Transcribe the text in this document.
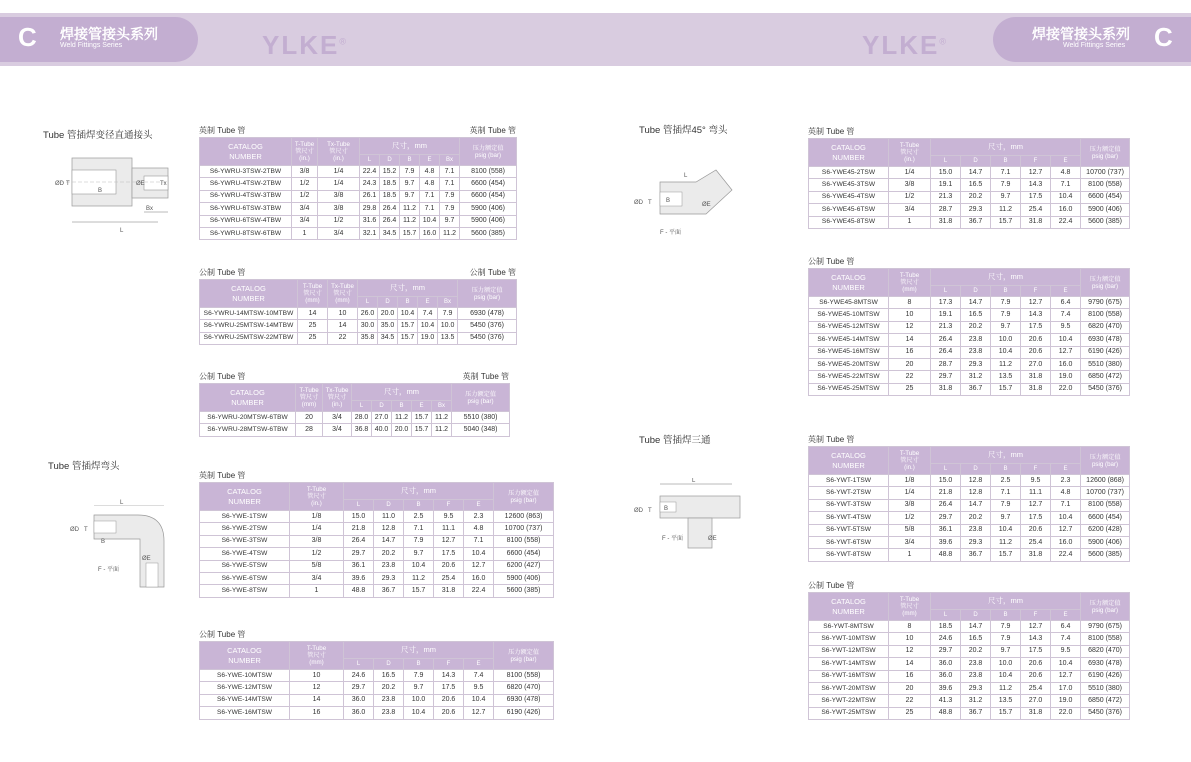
C 焊接管接头系列
Weld Fittings Series	YLKE®	YLKE®	焊接管接头系列
Weld Fittings Series C
Tube 管插焊变径直通接头
Tube 管插焊弯头
Tube 管插焊45° 弯头
Tube 管插焊三通
ØD T
B
ØE	Tx
Bx
L
ØD T
B
ØE
F - 平面
L
ØD T B
ØE
L
F - 平面
ØD T B
ØE
L
F - 平面
英制 Tube 管	英制 Tube 管
CATALOG
NUMBER	T-Tube
管尺寸
(in.)	Tx-Tube
管尺寸
(in.)	尺寸，mm					压力额定值
psig (bar)
			L	D	B	E	Bx	
S6-YWRU-3TSW-2TBW	3/8	1/4	22.4	15.2	7.9	4.8	7.1	8100 (558)
S6-YWRU-4TSW-2TBW	1/2	1/4	24.3	18.5	9.7	4.8	7.1	6600 (454)
S6-YWRU-4TSW-3TBW	1/2	3/8	26.1	18.5	9.7	7.1	7.9	6600 (454)
S6-YWRU-6TSW-3TBW	3/4	3/8	29.8	26.4	11.2	7.1	7.9	5900 (406)
S6-YWRU-6TSW-4TBW	3/4	1/2	31.6	26.4	11.2	10.4	9.7	5900 (406)
S6-YWRU-8TSW-6TBW	1	3/4	32.1	34.5	15.7	16.0	11.2	5600 (385)
公制 Tube 管	公制 Tube 管
CATALOG
NUMBER	T-Tube
管尺寸
(mm)	Tx-Tube
管尺寸
(mm)	尺寸，mm					压力额定值
psig (bar)
			L	D	B	E	Bx	
S6-YWRU-14MTSW-10MTBW	14	10	26.0	20.0	10.4	7.4	7.9	6930 (478)
S6-YWRU-25MTSW-14MTBW	25	14	30.0	35.0	15.7	10.4	10.0	5450 (376)
S6-YWRU-25MTSW-22MTBW	25	22	35.8	34.5	15.7	19.0	13.5	5450 (376)
公制 Tube 管	英制 Tube 管
CATALOG
NUMBER	T-Tube
管尺寸
(mm)	Tx-Tube
管尺寸
(in.)	尺寸，mm					压力额定值
psig (bar)
			L	D	B	E	Bx	
S6-YWRU-20MTSW-6TBW	20	3/4	28.0	27.0	11.2	15.7	11.2	5510 (380)
S6-YWRU-28MTSW-6TBW	28	3/4	36.8	40.0	20.0	15.7	11.2	5040 (348)
英制 Tube 管
CATALOG
NUMBER	T-Tube
管尺寸
(in.)	尺寸，mm					压力额定值
psig (bar)
		L	D	B	F	E	
S6-YWE-1TSW	1/8	15.0	11.0	2.5	9.5	2.3	12600 (863)
S6-YWE-2TSW	1/4	21.8	12.8	7.1	11.1	4.8	10700 (737)
S6-YWE-3TSW	3/8	26.4	14.7	7.9	12.7	7.1	8100 (558)
S6-YWE-4TSW	1/2	29.7	20.2	9.7	17.5	10.4	6600 (454)
S6-YWE-5TSW	5/8	36.1	23.8	10.4	20.6	12.7	6200 (427)
S6-YWE-6TSW	3/4	39.6	29.3	11.2	25.4	16.0	5900 (406)
S6-YWE-8TSW	1	48.8	36.7	15.7	31.8	22.4	5600 (385)
公制 Tube 管
CATALOG
NUMBER	T-Tube
管尺寸
(mm)	尺寸，mm					压力额定值
psig (bar)
		L	D	B	F	E	
S6-YWE-10MTSW	10	24.6	16.5	7.9	14.3	7.4	8100 (558)
S6-YWE-12MTSW	12	29.7	20.2	9.7	17.5	9.5	6820 (470)
S6-YWE-14MTSW	14	36.0	23.8	10.0	20.6	10.4	6930 (478)
S6-YWE-16MTSW	16	36.0	23.8	10.4	20.6	12.7	6190 (426)
英制 Tube 管
CATALOG
NUMBER	T-Tube
管尺寸
(in.)	尺寸，mm					压力额定值
psig (bar)
		L	D	B	F	E	
S6-YWE45-2TSW	1/4	15.0	14.7	7.1	12.7	4.8	10700 (737)
S6-YWE45-3TSW	3/8	19.1	16.5	7.9	14.3	7.1	8100 (558)
S6-YWE45-4TSW	1/2	21.3	20.2	9.7	17.5	10.4	6600 (454)
S6-YWE45-6TSW	3/4	28.7	29.3	11.2	25.4	16.0	5900 (406)
S6-YWE45-8TSW	1	31.8	36.7	15.7	31.8	22.4	5600 (385)
公制 Tube 管
CATALOG
NUMBER	T-Tube
管尺寸
(mm)	尺寸，mm					压力额定值
psig (bar)
		L	D	B	F	E	
S6-YWE45-8MTSW	8	17.3	14.7	7.9	12.7	6.4	9790 (675)
S6-YWE45-10MTSW	10	19.1	16.5	7.9	14.3	7.4	8100 (558)
S6-YWE45-12MTSW	12	21.3	20.2	9.7	17.5	9.5	6820 (470)
S6-YWE45-14MTSW	14	26.4	23.8	10.0	20.6	10.4	6930 (478)
S6-YWE45-16MTSW	16	26.4	23.8	10.4	20.6	12.7	6190 (426)
S6-YWE45-20MTSW	20	28.7	29.3	11.2	27.0	16.0	5510 (380)
S6-YWE45-22MTSW	22	29.7	31.2	13.5	31.8	19.0	6850 (472)
S6-YWE45-25MTSW	25	31.8	36.7	15.7	31.8	22.0	5450 (376)
英制 Tube 管
CATALOG
NUMBER	T-Tube
管尺寸
(in.)	尺寸，mm					压力额定值
psig (bar)
		L	D	B	F	E	
S6-YWT-1TSW	1/8	15.0	12.8	2.5	9.5	2.3	12600 (868)
S6-YWT-2TSW	1/4	21.8	12.8	7.1	11.1	4.8	10700 (737)
S6-YWT-3TSW	3/8	26.4	14.7	7.9	12.7	7.1	8100 (558)
S6-YWT-4TSW	1/2	29.7	20.2	9.7	17.5	10.4	6600 (454)
S6-YWT-5TSW	5/8	36.1	23.8	10.4	20.6	12.7	6200 (428)
S6-YWT-6TSW	3/4	39.6	29.3	11.2	25.4	16.0	5900 (406)
S6-YWT-8TSW	1	48.8	36.7	15.7	31.8	22.4	5600 (385)
公制 Tube 管
CATALOG
NUMBER	T-Tube
管尺寸
(mm)	尺寸，mm					压力额定值
psig (bar)
		L	D	B	F	E	
S6-YWT-8MTSW	8	18.5	14.7	7.9	12.7	6.4	9790 (675)
S6-YWT-10MTSW	10	24.6	16.5	7.9	14.3	7.4	8100 (558)
S6-YWT-12MTSW	12	29.7	20.2	9.7	17.5	9.5	6820 (470)
S6-YWT-14MTSW	14	36.0	23.8	10.0	20.6	10.4	6930 (478)
S6-YWT-16MTSW	16	36.0	23.8	10.4	20.6	12.7	6190 (426)
S6-YWT-20MTSW	20	39.6	29.3	11.2	25.4	17.0	5510 (380)
S6-YWT-22MTSW	22	41.3	31.2	13.5	27.0	19.0	6850 (472)
S6-YWT-25MTSW	25	48.8	36.7	15.7	31.8	22.0	5450 (376)
